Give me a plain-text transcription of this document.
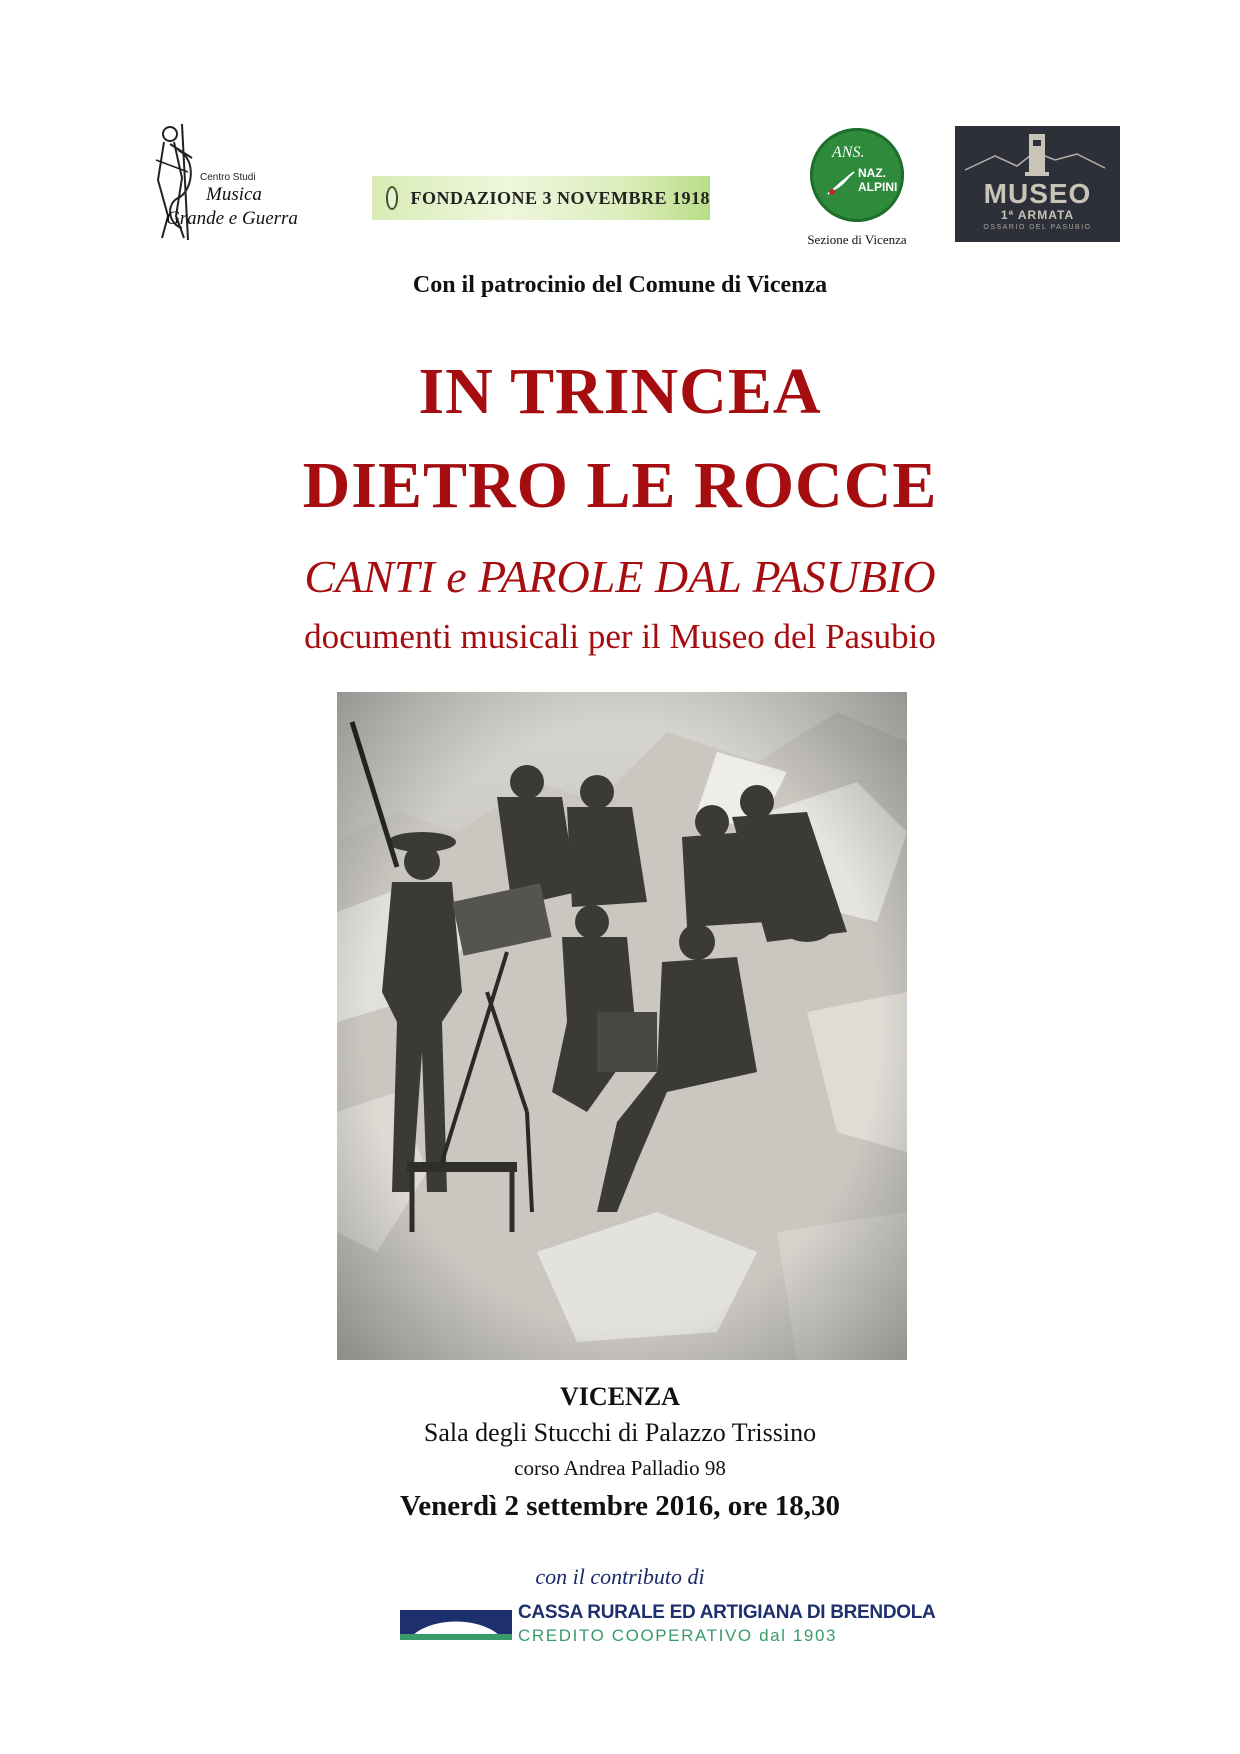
Centro Studi
Musica
Grande e Guerra
FONDAZIONE 3 NOVEMBRE 1918
ANS.
NAZ.
ALPINI
Sezione di Vicenza
MUSEO
1ª ARMATA
OSSARIO DEL PASUBIO
Con il patrocinio del Comune di Vicenza
IN TRINCEA
DIETRO LE ROCCE
CANTI e PAROLE DAL PASUBIO
documenti musicali per il Museo del Pasubio
VICENZA
Sala degli Stucchi di Palazzo Trissino
corso Andrea Palladio 98
Venerdì 2 settembre 2016, ore 18,30
con il contributo di
CASSA RURALE ED ARTIGIANA DI BRENDOLA
CREDITO COOPERATIVO dal 1903
